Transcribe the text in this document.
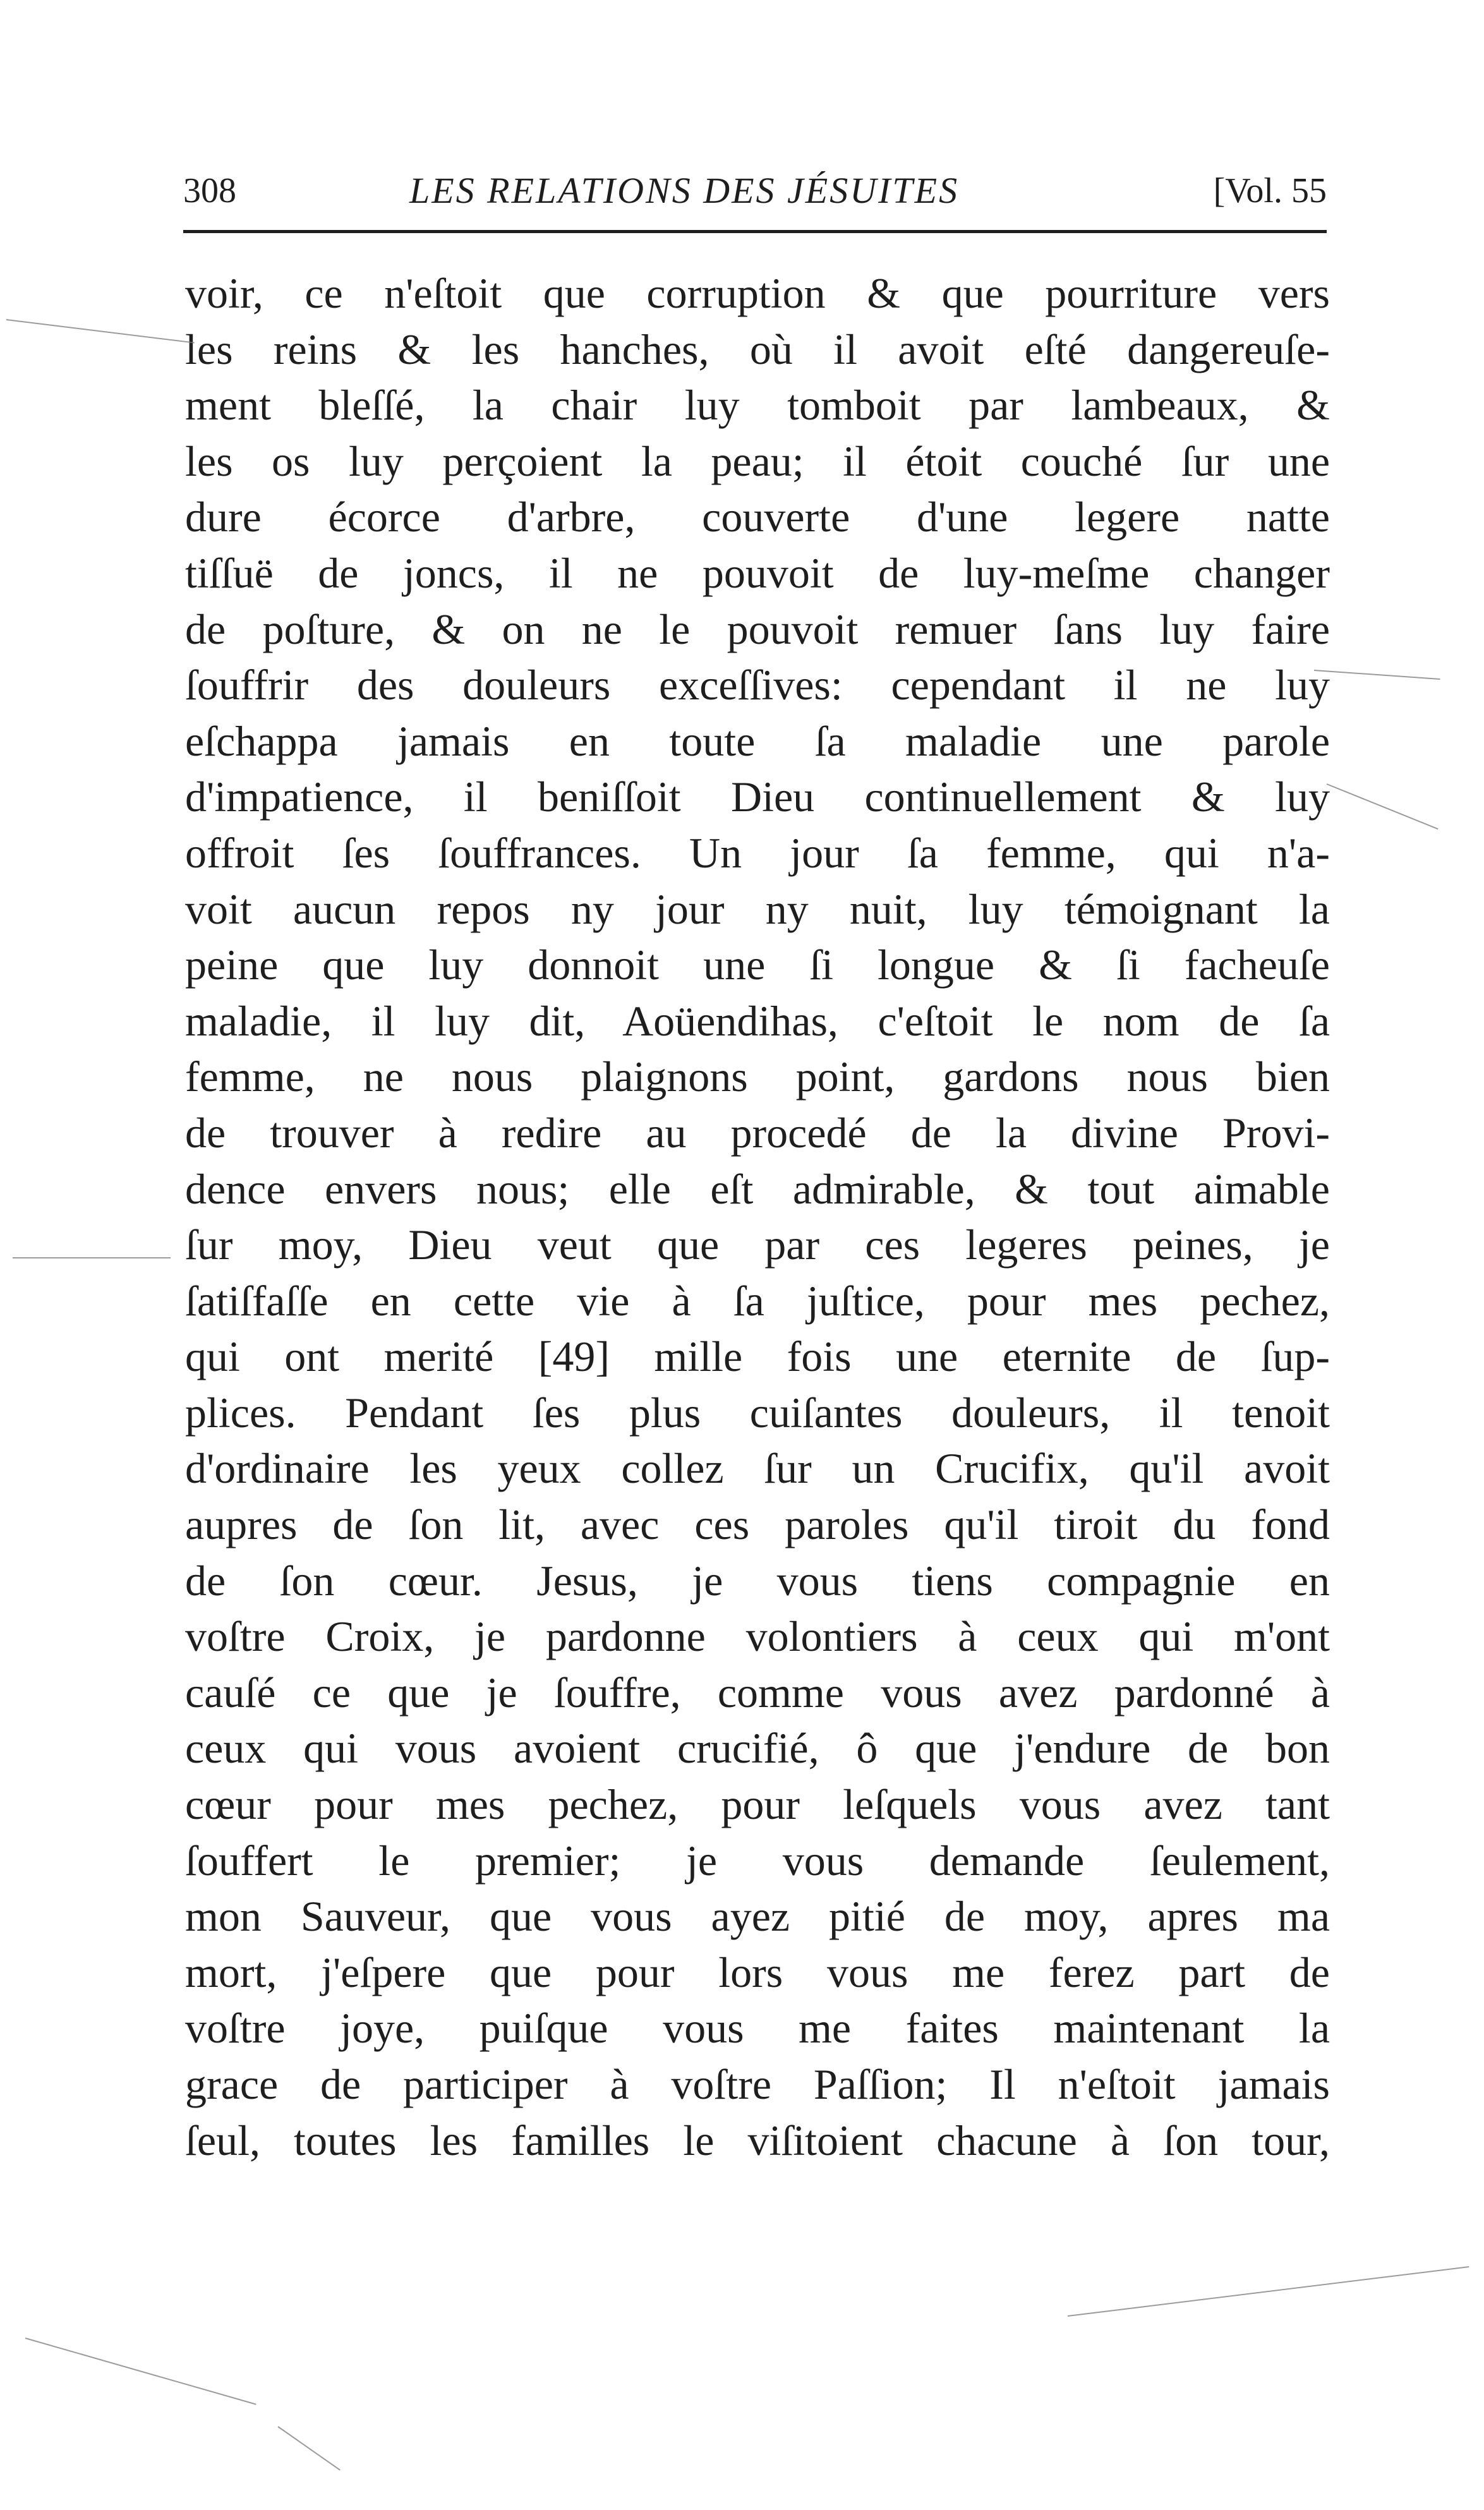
308	LES RELATIONS DES JÉSUITES	[Vol. 55
voir, ce n'eſtoit que corruption & que pourriture vers
les reins & les hanches, où il avoit eſté dangereuſe-
ment bleſſé, la chair luy tomboit par lambeaux, &
les os luy perçoient la peau; il étoit couché ſur une
dure écorce d'arbre, couverte d'une legere natte
tiſſuë de joncs, il ne pouvoit de luy-meſme changer
de poſture, & on ne le pouvoit remuer ſans luy faire
ſouffrir des douleurs exceſſives: cependant il ne luy
eſchappa jamais en toute ſa maladie une parole
d'impatience, il beniſſoit Dieu continuellement & luy
offroit ſes ſouffrances. Un jour ſa femme, qui n'a-
voit aucun repos ny jour ny nuit, luy témoignant la
peine que luy donnoit une ſi longue & ſi facheuſe
maladie, il luy dit, Aoüendihas, c'eſtoit le nom de ſa
femme, ne nous plaignons point, gardons nous bien
de trouver à redire au procedé de la divine Provi-
dence envers nous; elle eſt admirable, & tout aimable
ſur moy, Dieu veut que par ces legeres peines, je
ſatiſfaſſe en cette vie à ſa juſtice, pour mes pechez,
qui ont merité [49] mille fois une eternite de ſup-
plices. Pendant ſes plus cuiſantes douleurs, il tenoit
d'ordinaire les yeux collez ſur un Crucifix, qu'il avoit
aupres de ſon lit, avec ces paroles qu'il tiroit du fond
de ſon cœur. Jesus, je vous tiens compagnie en
voſtre Croix, je pardonne volontiers à ceux qui m'ont
cauſé ce que je ſouffre, comme vous avez pardonné à
ceux qui vous avoient crucifié, ô que j'endure de bon
cœur pour mes pechez, pour leſquels vous avez tant
ſouffert le premier; je vous demande ſeulement,
mon Sauveur, que vous ayez pitié de moy, apres ma
mort, j'eſpere que pour lors vous me ferez part de
voſtre joye, puiſque vous me faites maintenant la
grace de participer à voſtre Paſſion; Il n'eſtoit jamais
ſeul, toutes les familles le viſitoient chacune à ſon tour,
